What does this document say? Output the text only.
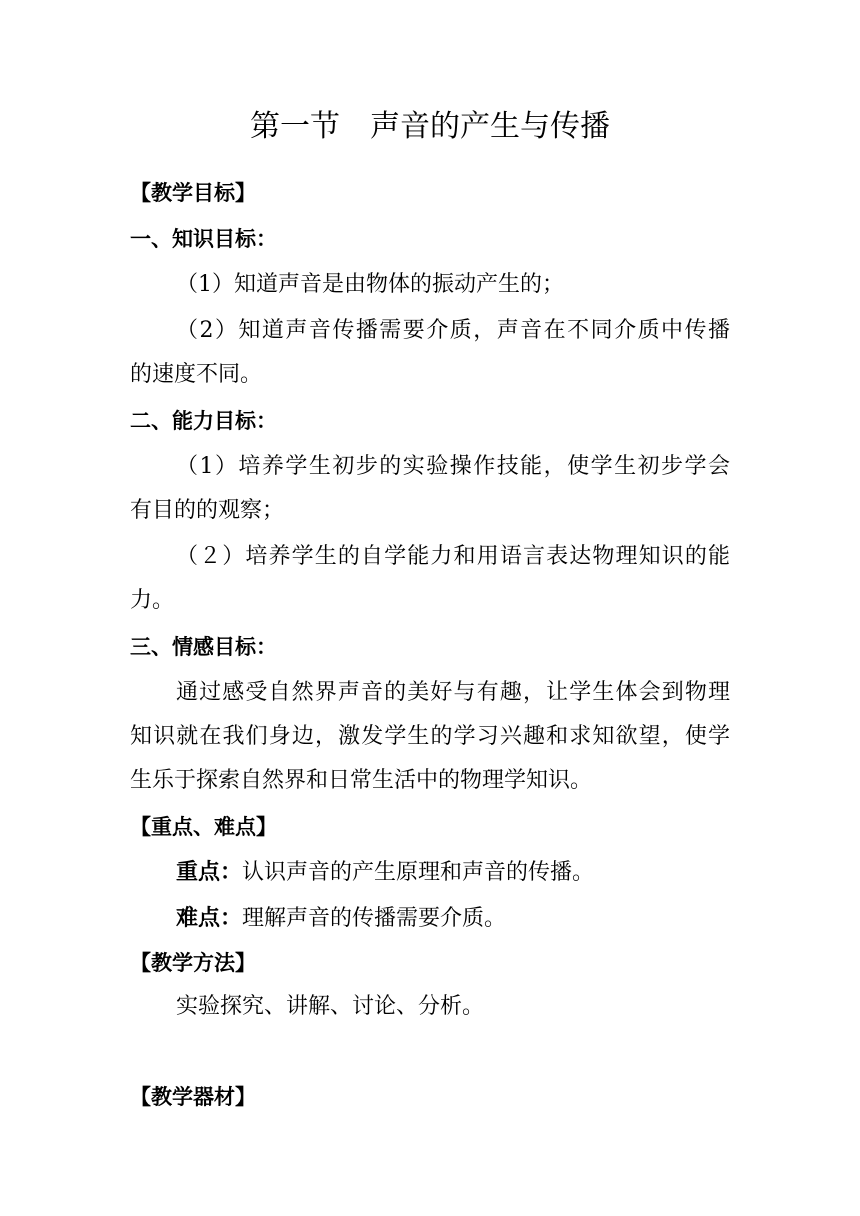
第一节　声音的产生与传播
【教学目标】
一、知识目标：
（1）知道声音是由物体的振动产生的；
（2）知道声音传播需要介质，声音在不同介质中传播
的速度不同。
二、能力目标：
（1）培养学生初步的实验操作技能，使学生初步学会
有目的的观察；
（２）培养学生的自学能力和用语言表达物理知识的能
力。
三、情感目标：
通过感受自然界声音的美好与有趣，让学生体会到物理
知识就在我们身边，激发学生的学习兴趣和求知欲望，使学
生乐于探索自然界和日常生活中的物理学知识。
【重点、难点】
重点：认识声音的产生原理和声音的传播。
难点：理解声音的传播需要介质。
【教学方法】
实验探究、讲解、讨论、分析。
【教学器材】
